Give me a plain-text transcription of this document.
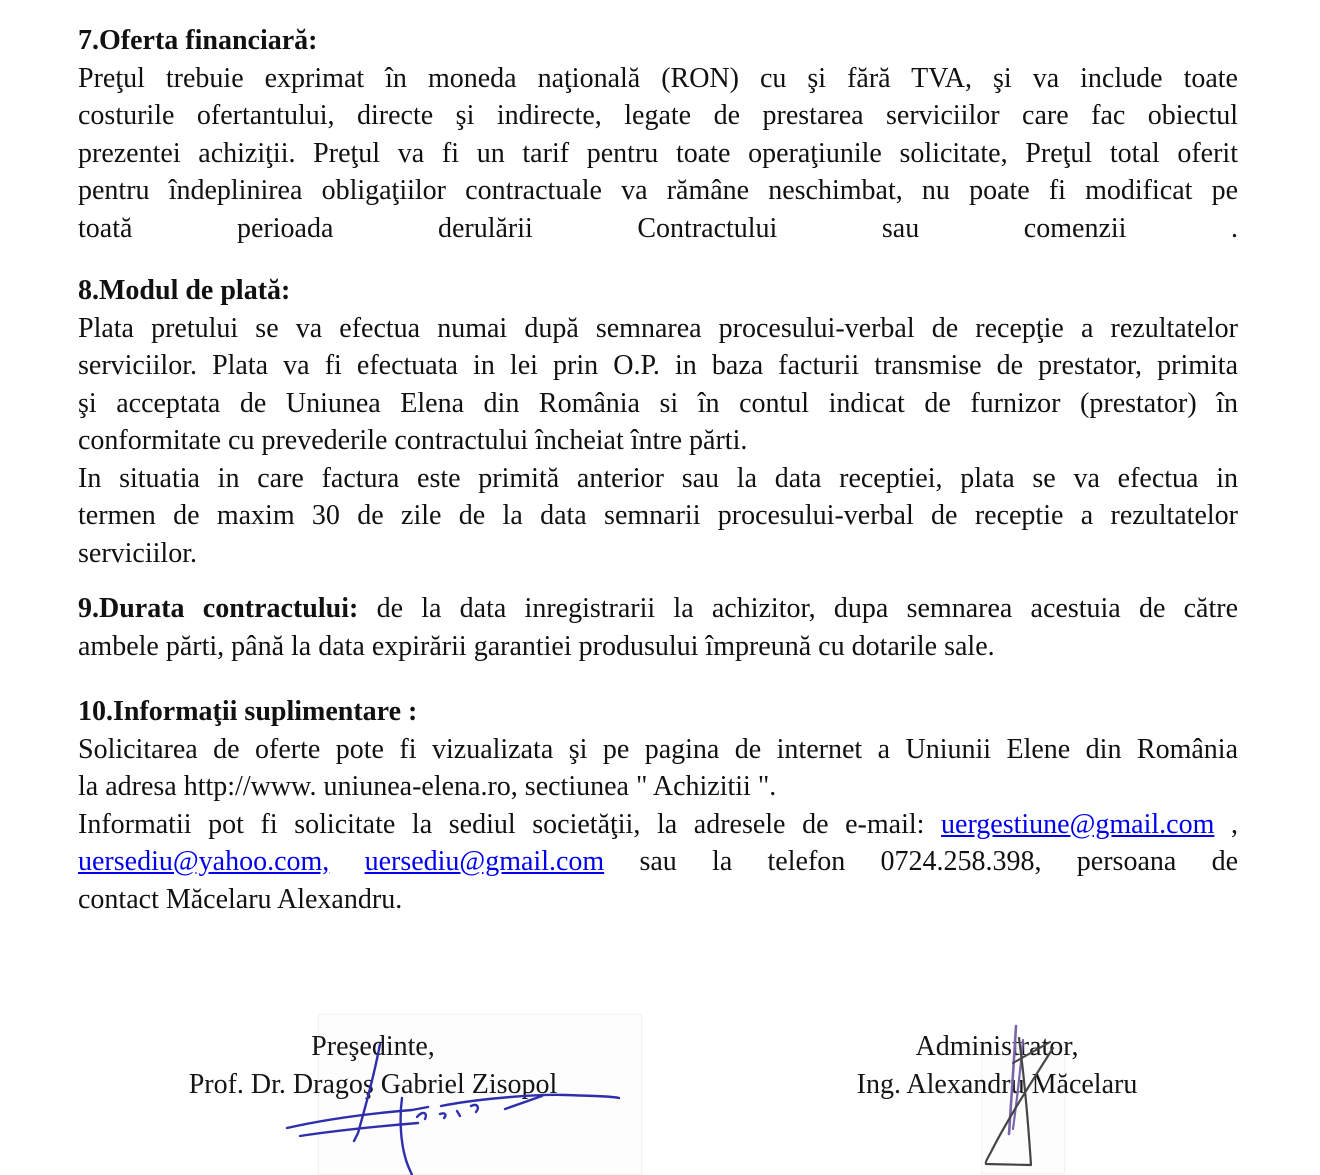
7.Oferta financiară:
Preţul trebuie exprimat în moneda naţională (RON) cu şi fără TVA, şi va include toate
costurile ofertantului, directe şi indirecte, legate de prestarea serviciilor care fac obiectul
prezentei achiziţii. Preţul va fi un tarif pentru toate operaţiunile solicitate, Preţul total oferit
pentru îndeplinirea obligaţiilor contractuale va rămâne neschimbat, nu poate fi modificat pe
toată perioada derulării Contractului sau comenzii .
8.Modul de plată:
Plata pretului se va efectua numai după semnarea procesului-verbal de recepţie a rezultatelor
serviciilor. Plata va fi efectuata in lei prin O.P. in baza facturii transmise de prestator, primita
şi acceptata de Uniunea Elena din România si în contul indicat de furnizor (prestator) în
conformitate cu prevederile contractului încheiat între părti.
In situatia in care factura este primită anterior sau la data receptiei, plata se va efectua in
termen de maxim 30 de zile de la data semnarii procesului-verbal de receptie a rezultatelor
serviciilor.
9.Durata contractului: de la data inregistrarii la achizitor, dupa semnarea acestuia de către
ambele părti, până la data expirării garantiei produsului împreună cu dotarile sale.
10.Informaţii suplimentare :
Solicitarea de oferte pote fi vizualizata şi pe pagina de internet a Uniunii Elene din România
la adresa http://www. uniunea-elena.ro, sectiunea " Achizitii ".
Informatii pot fi solicitate la sediul societăţii, la adresele de e-mail: uergestiune@gmail.com ,
uersediu@yahoo.com, uersediu@gmail.com sau la telefon 0724.258.398, persoana de
contact Măcelaru Alexandru.
Preşedinte,
Prof. Dr. Dragoş Gabriel Zisopol
Administrator,
Ing. Alexandru Măcelaru
